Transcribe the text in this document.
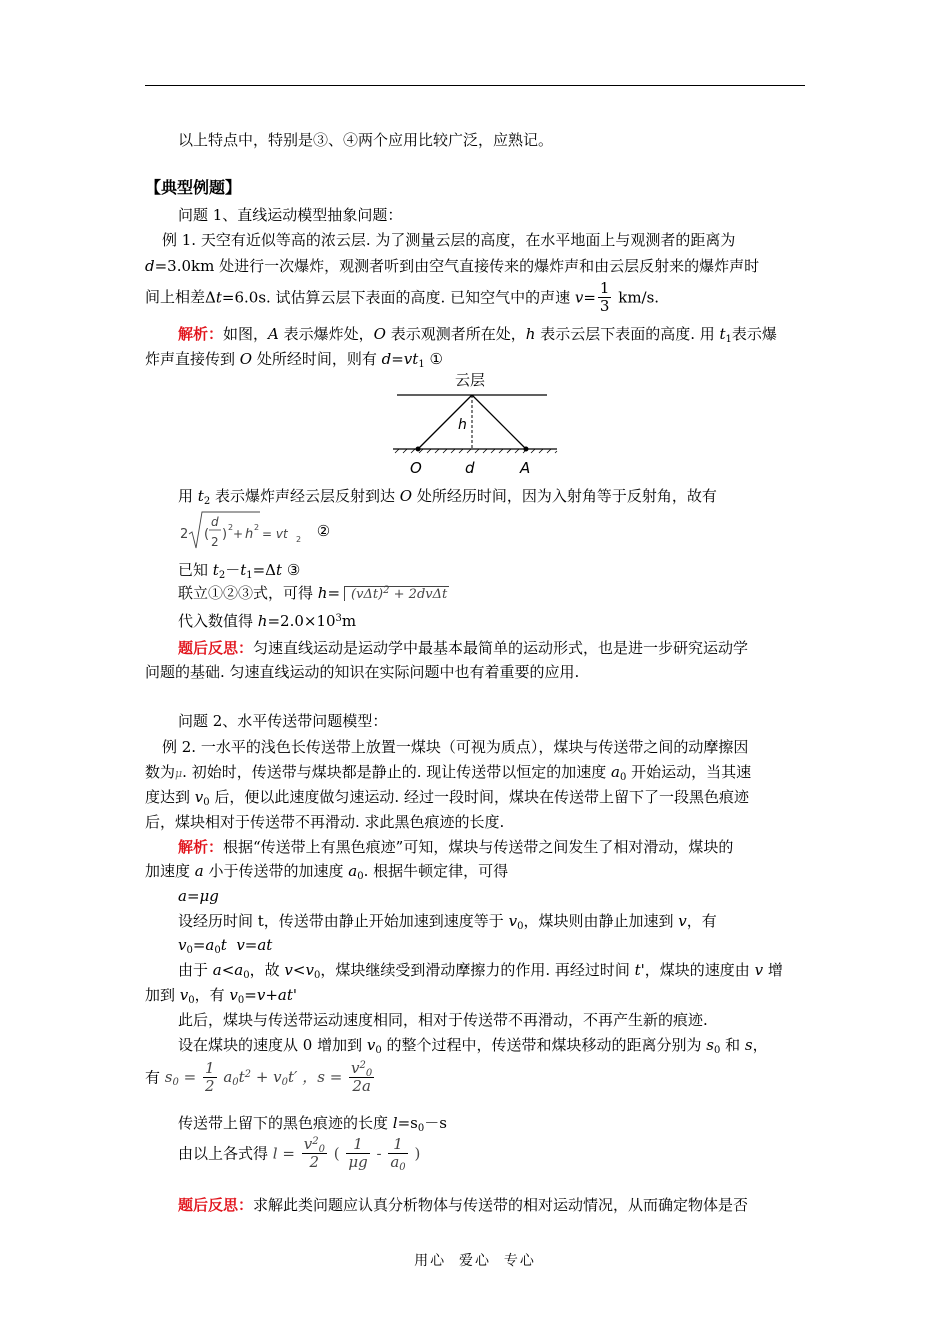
以上特点中，特别是③、④两个应用比较广泛，应熟记。
【典型例题】
问题 1、直线运动模型抽象问题：
例 1. 天空有近似等高的浓云层. 为了测量云层的高度，在水平地面上与观测者的距离为
d=3.0km 处进行一次爆炸，观测者听到由空气直接传来的爆炸声和由云层反射来的爆炸声时
间上相差Δt=6.0s. 试估算云层下表面的高度. 已知空气中的声速 $v= \frac{1}{3} km/s$.
解析：如图，A 表示爆炸处，O 表示观测者所在处，h 表示云层下表面的高度. 用 $t_1$表示爆
炸声直接传到 O 处所经时间，则有 $d=vt_1$ ①
云层
h
O	d	A
用 $t_2$ 表示爆炸声经云层反射到达 O 处所经历时间，因为入射角等于反射角，故有
2 (
d
2 ) 2 + h 2 = vt 2 ②
已知 $t_2-t_1=\Delta t$ ③
联立①②③式，可得 $h= (v\Delta t)^2 + 2dv\Delta t$
代入数值得 $h=2.0\times 10^3m$
题后反思：匀速直线运动是运动学中最基本最简单的运动形式，也是进一步研究运动学
问题的基础. 匀速直线运动的知识在实际问题中也有着重要的应用.
问题 2、水平传送带问题模型：
例 2. 一水平的浅色长传送带上放置一煤块（可视为质点），煤块与传送带之间的动摩擦因
数为μ. 初始时，传送带与煤块都是静止的. 现让传送带以恒定的加速度 $a_0$ 开始运动，当其速
度达到 $v_0$ 后，便以此速度做匀速运动. 经过一段时间，煤块在传送带上留下了一段黑色痕迹
后，煤块相对于传送带不再滑动. 求此黑色痕迹的长度.
解析：根据“传送带上有黑色痕迹”可知，煤块与传送带之间发生了相对滑动，煤块的
加速度 a 小于传送带的加速度 $a_0$. 根据牛顿定律，可得
a=μg
设经历时间 t，传送带由静止开始加速到速度等于 $v_0$，煤块则由静止加速到 v，有
$v_0=a_0t$  v=at
由于 $a<a_0$，故 $v<v_0$，煤块继续受到滑动摩擦力的作用. 再经过时间 t'，煤块的速度由 v 增
加到 $v_0$，有 $v_0=v+at'$
此后，煤块与传送带运动速度相同，相对于传送带不再滑动，不再产生新的痕迹.
设在煤块的速度从 0 增加到 $v_0$ 的整个过程中，传送带和煤块移动的距离分别为 $s_0$ 和 s，
有 $s_0 = \frac{1}{2} a_0t^2 + v_0t'$ ，$s = \frac{v^2_0}{2a}$
传送带上留下的黑色痕迹的长度 $l=s_0-s$
由以上各式得 $l = \frac{v^2_0}{2}$ ( $\frac{1}{\mu g} - \frac{1}{a_0}$ )
题后反思：求解此类问题应认真分析物体与传送带的相对运动情况，从而确定物体是否
用心  爱心  专心
